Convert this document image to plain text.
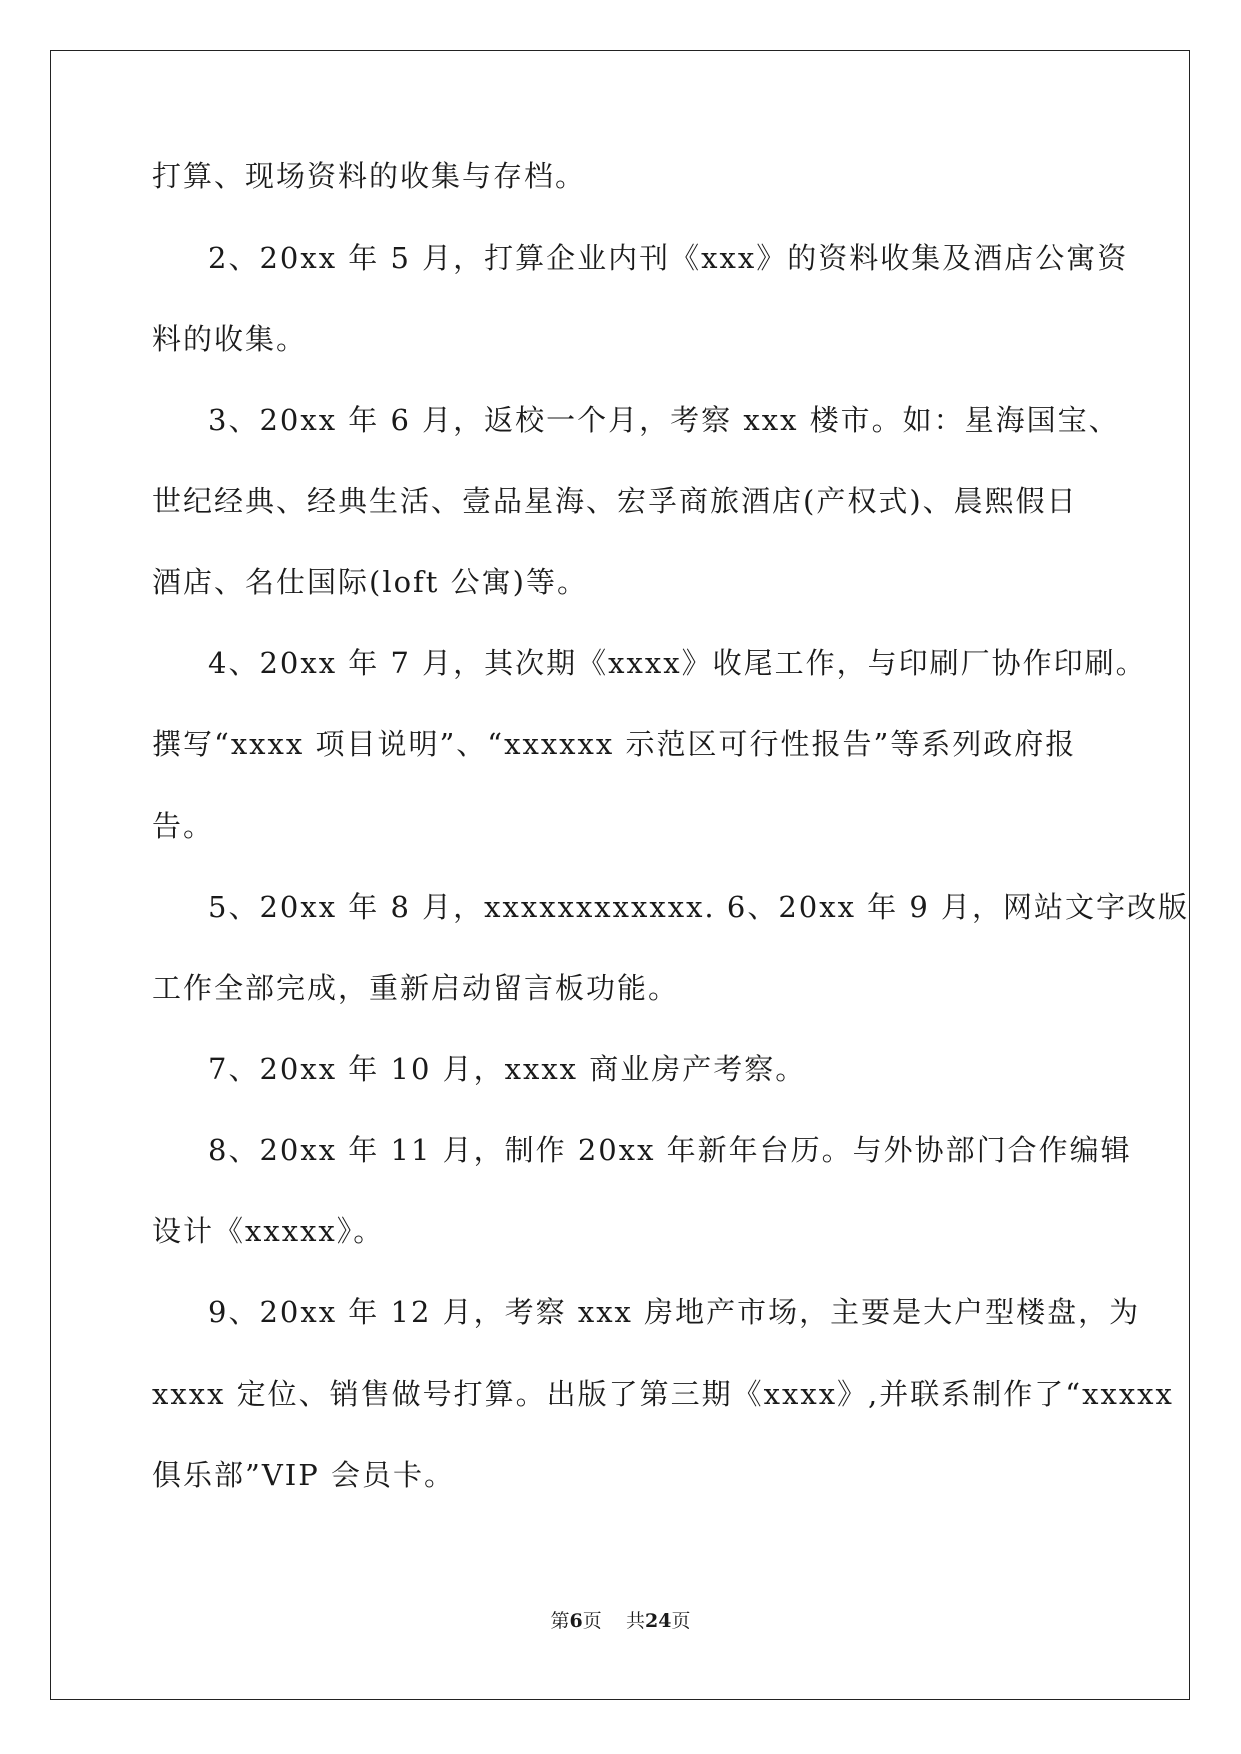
打算、现场资料的收集与存档。
2、20xx 年 5 月，打算企业内刊《xxx》的资料收集及酒店公寓资
料的收集。
3、20xx 年 6 月，返校一个月，考察 xxx 楼市。如：星海国宝、
世纪经典、经典生活、壹品星海、宏孚商旅酒店(产权式)、晨熙假日
酒店、名仕国际(loft 公寓)等。
4、20xx 年 7 月，其次期《xxxx》收尾工作，与印刷厂协作印刷。
撰写“xxxx 项目说明”、“xxxxxx 示范区可行性报告”等系列政府报
告。
5、20xx 年 8 月，xxxxxxxxxxxx. 6、20xx 年 9 月，网站文字改版
工作全部完成，重新启动留言板功能。
7、20xx 年 10 月，xxxx 商业房产考察。
8、20xx 年 11 月，制作 20xx 年新年台历。与外协部门合作编辑
设计《xxxxx》。
9、20xx 年 12 月，考察 xxx 房地产市场，主要是大户型楼盘，为
xxxx 定位、销售做号打算。出版了第三期《xxxx》,并联系制作了“xxxxx
俱乐部”VIP 会员卡。
第6页 共24页
